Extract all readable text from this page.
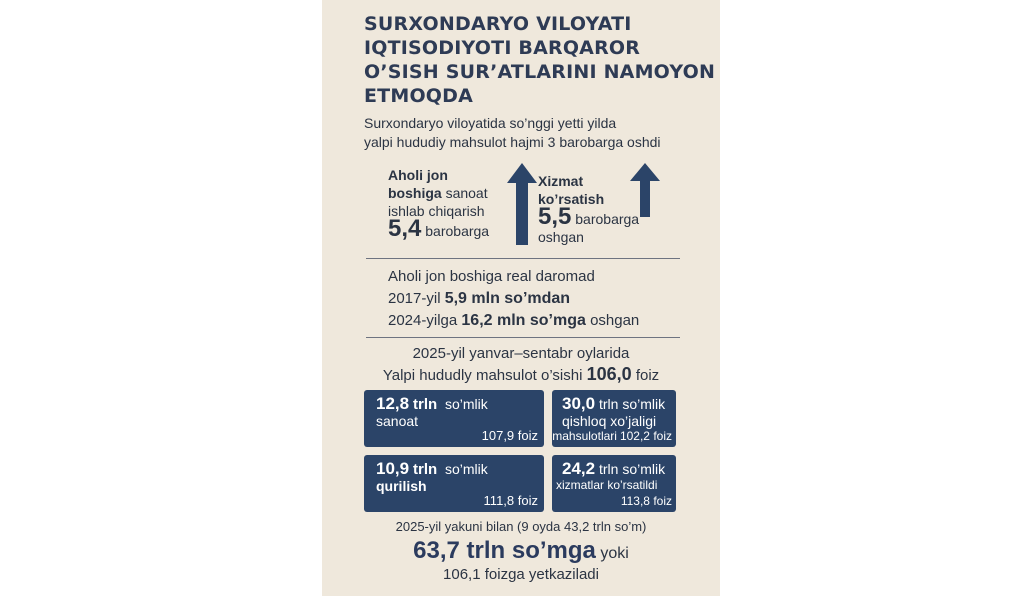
SURXONDARYO VILOYATI
IQTISODIYOTI BARQAROR
O’SISH SUR’ATLARINI NAMOYON
ETMOQDA
Surxondaryo viloyatida so’nggi yetti yilda
yalpi hududiy mahsulot hajmi 3 barobarga oshdi
Aholi jon
boshiga sanoat
ishlab chiqarish
5,4 barobarga
Xizmat
ko’rsatish
5,5 barobarga
oshgan
Aholi jon boshiga real daromad
2017-yil 5,9 mln so’mdan
2024-yilga 16,2 mln so’mga oshgan
2025-yil yanvar–sentabr oylarida
Yalpi hududly mahsulot o’sishi 106,0 foiz
12,8 trln so’mlik
sanoat
107,9 foiz
30,0 trln so’mlik
qishloq xo’jaligi
mahsulotlari 102,2 foiz
10,9 trln so’mlik
qurilish
111,8 foiz
24,2 trln so’mlik
xizmatlar ko’rsatildi
113,8 foiz
2025-yil yakuni bilan (9 oyda 43,2 trln so’m)
63,7 trln so’mga yoki
106,1 foizga yetkaziladi
